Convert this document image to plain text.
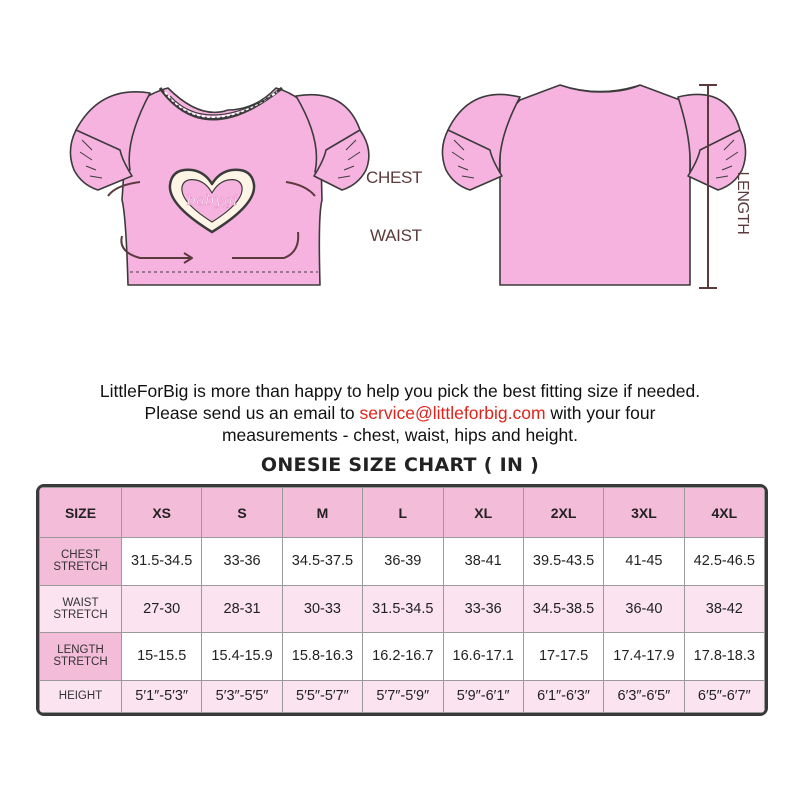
babygi
CHEST
WAIST
LENGTH
LittleForBig is more than happy to help you pick the best fitting size if needed.
Please send us an email to service@littleforbig.com with your four
measurements - chest, waist, hips and height.
ONESIE SIZE CHART ( IN )
SIZE	XS	S	M	L	XL	2XL	3XL	4XL

CHEST
STRETCH	31.5-34.5	33-36	34.5-37.5	36-39	38-41	39.5-43.5	41-45	42.5-46.5

WAIST
STRETCH	27-30	28-31	30-33	31.5-34.5	33-36	34.5-38.5	36-40	38-42

LENGTH
STRETCH	15-15.5	15.4-15.9	15.8-16.3	16.2-16.7	16.6-17.1	17-17.5	17.4-17.9	17.8-18.3

HEIGHT	5′1″-5′3″	5′3″-5′5″	5′5″-5′7″	5′7″-5′9″	5′9″-6′1″	6′1″-6′3″	6′3″-6′5″	6′5″-6′7″
